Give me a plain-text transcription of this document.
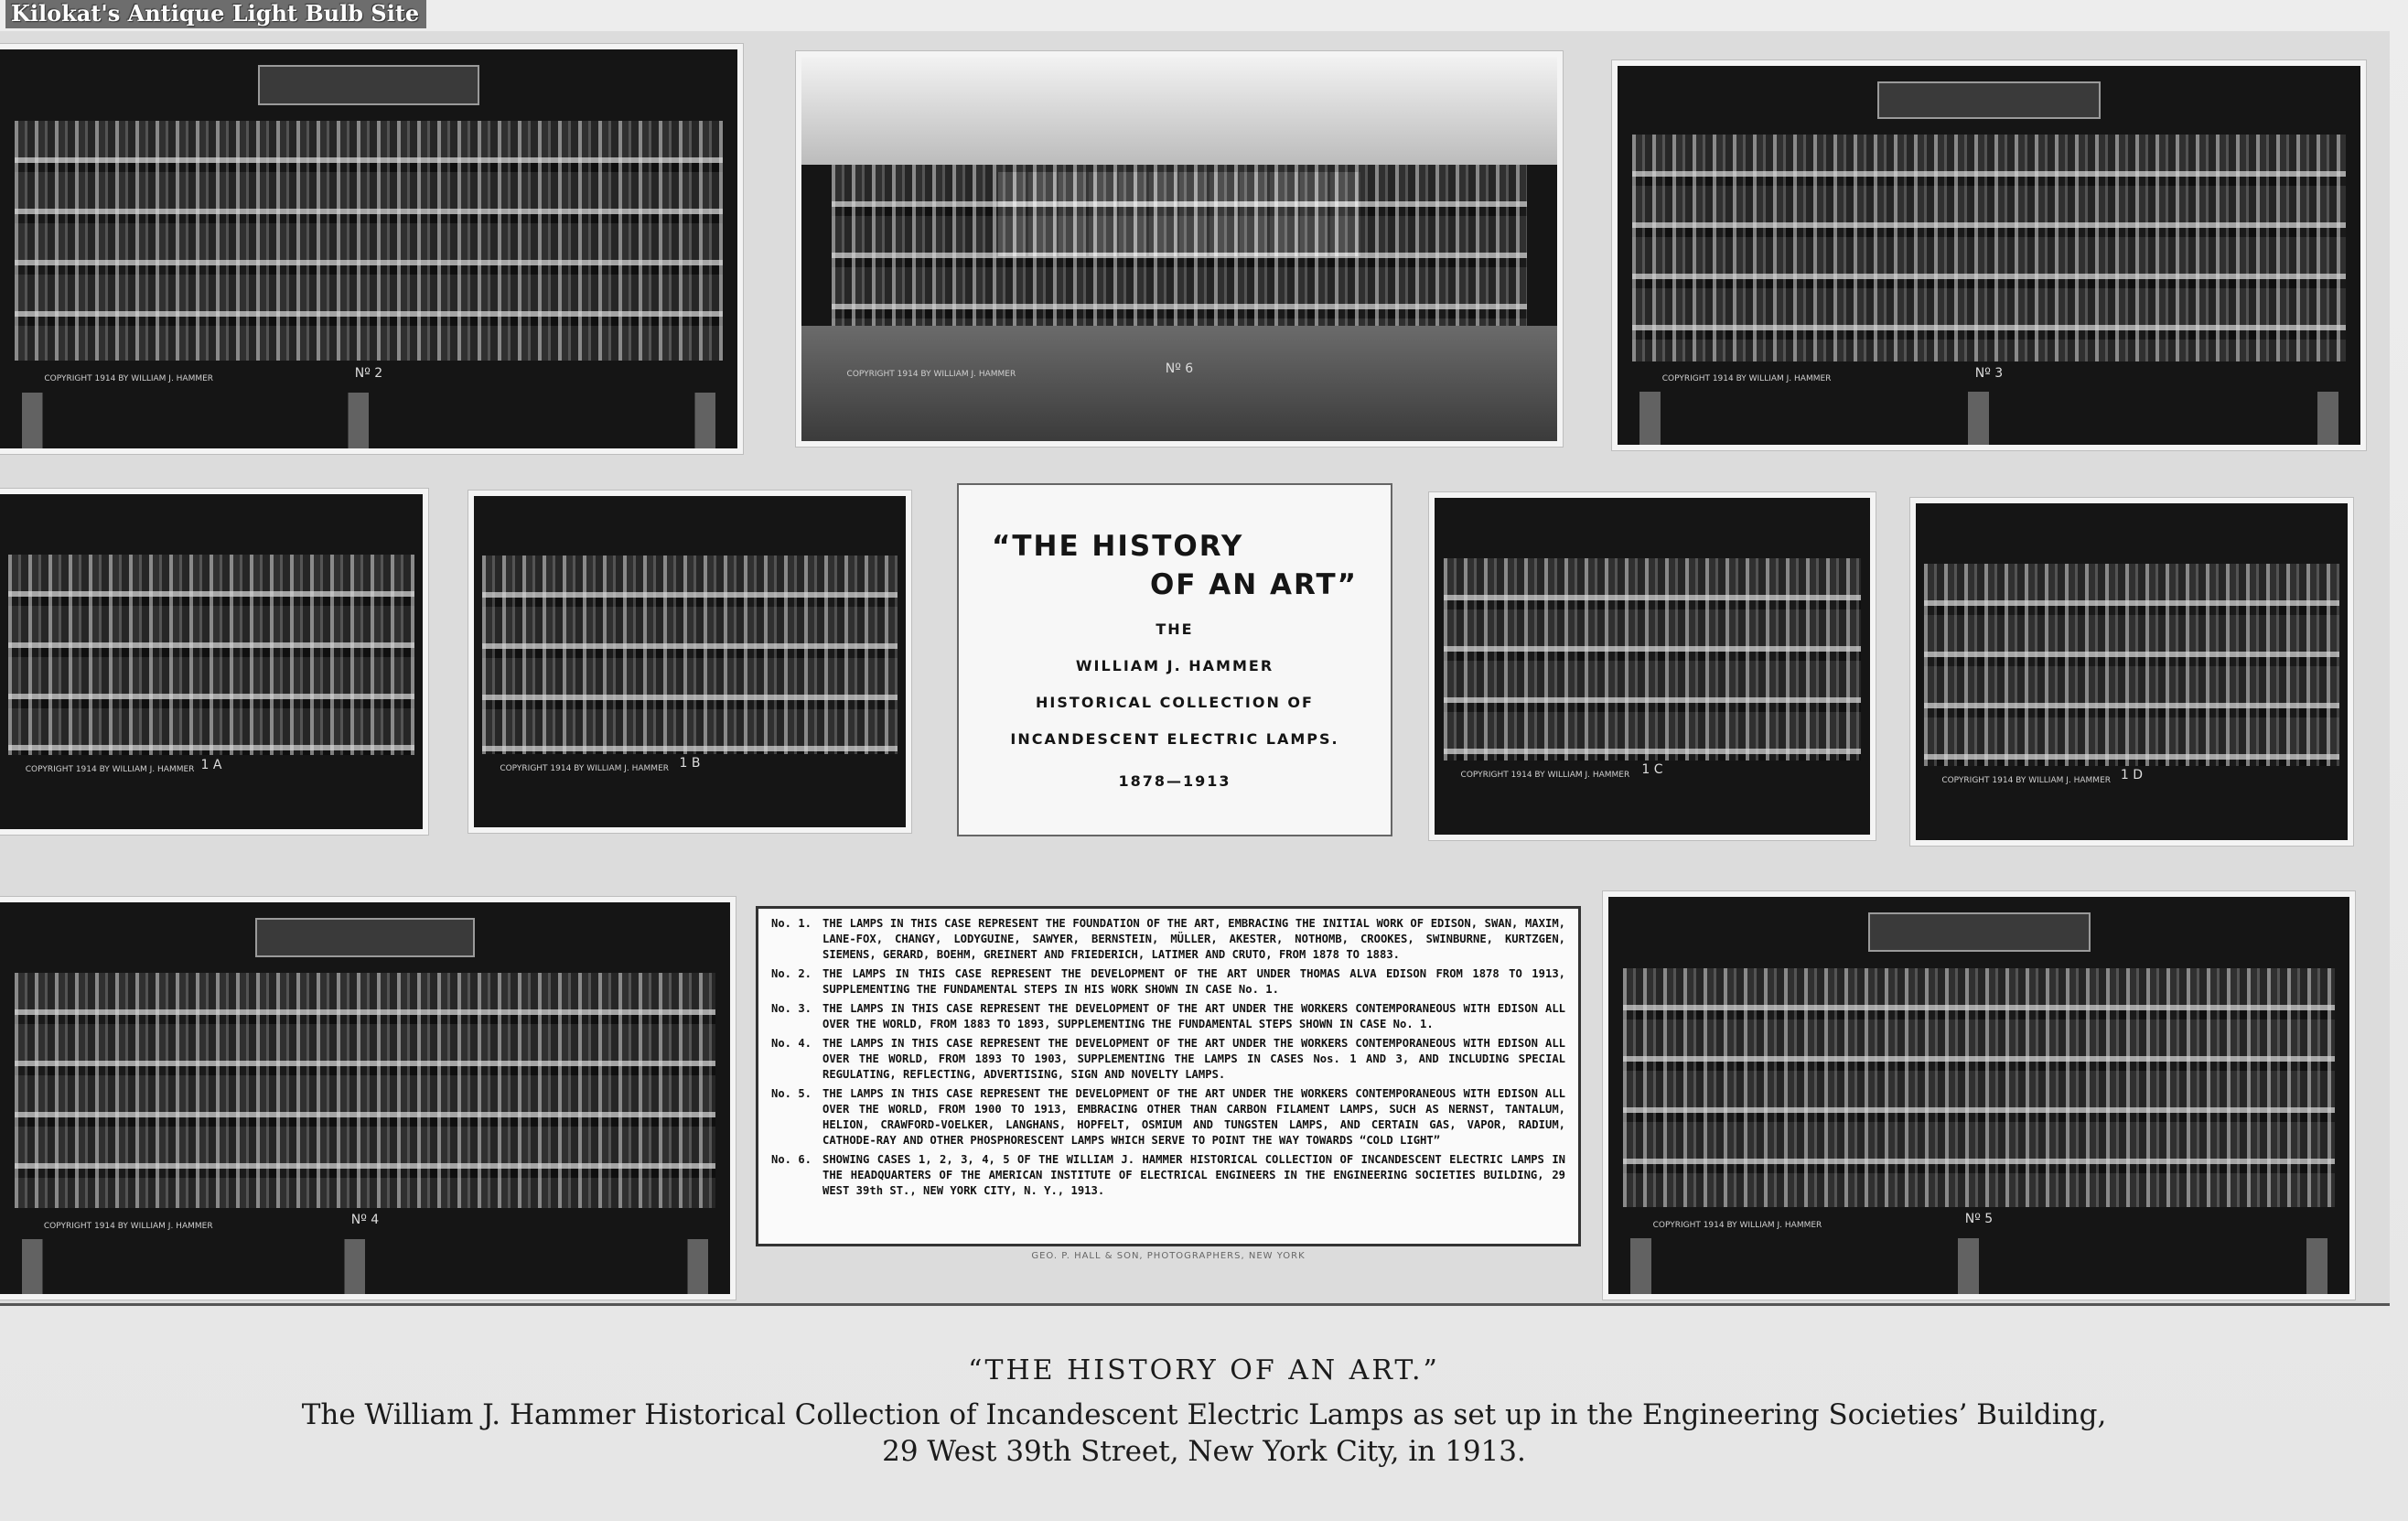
Kilokat's Antique Light Bulb Site
COPYRIGHT 1914 BY WILLIAM J. HAMMER	Nº 2	COPYRIGHT 1914 BY WILLIAM J. HAMMER	Nº 6
COPYRIGHT 1914 BY WILLIAM J. HAMMER	Nº 3
COPYRIGHT 1914 BY WILLIAM J. HAMMER 1 A	COPYRIGHT 1914 BY WILLIAM J. HAMMER 1 B
COPYRIGHT 1914 BY WILLIAM J. HAMMER 1 C
COPYRIGHT 1914 BY WILLIAM J. HAMMER 1 D
COPYRIGHT 1914 BY WILLIAM J. HAMMER	Nº 4	COPYRIGHT 1914 BY WILLIAM J. HAMMER	Nº 5
“THE HISTORY
OF AN ART”
THE
WILLIAM J. HAMMER
HISTORICAL COLLECTION OF
INCANDESCENT ELECTRIC LAMPS.
1878—1913
No. 1. THE LAMPS IN THIS CASE REPRESENT THE FOUNDATION OF THE ART, EMBRACING THE INITIAL WORK OF EDISON, SWAN, MAXIM, LANE-FOX, CHANGY, LODYGUINE, SAWYER, BERNSTEIN, MÜLLER, AKESTER, NOTHOMB, CROOKES, SWINBURNE, KURTZGEN, SIEMENS, GERARD, BOEHM, GREINERT AND FRIEDERICH, LATIMER AND CRUTO, FROM 1878 TO 1883.
No. 2. THE LAMPS IN THIS CASE REPRESENT THE DEVELOPMENT OF THE ART UNDER THOMAS ALVA EDISON FROM 1878 TO 1913, SUPPLEMENTING THE FUNDAMENTAL STEPS IN HIS WORK SHOWN IN CASE No. 1.
No. 3. THE LAMPS IN THIS CASE REPRESENT THE DEVELOPMENT OF THE ART UNDER THE WORKERS CONTEMPORANEOUS WITH EDISON ALL OVER THE WORLD, FROM 1883 TO 1893, SUPPLEMENTING THE FUNDAMENTAL STEPS SHOWN IN CASE No. 1.
No. 4. THE LAMPS IN THIS CASE REPRESENT THE DEVELOPMENT OF THE ART UNDER THE WORKERS CONTEMPORANEOUS WITH EDISON ALL OVER THE WORLD, FROM 1893 TO 1903, SUPPLEMENTING THE LAMPS IN CASES Nos. 1 AND 3, AND INCLUDING SPECIAL REGULATING, REFLECTING, ADVERTISING, SIGN AND NOVELTY LAMPS.
No. 5. THE LAMPS IN THIS CASE REPRESENT THE DEVELOPMENT OF THE ART UNDER THE WORKERS CONTEMPORANEOUS WITH EDISON ALL OVER THE WORLD, FROM 1900 TO 1913, EMBRACING OTHER THAN CARBON FILAMENT LAMPS, SUCH AS NERNST, TANTALUM, HELION, CRAWFORD-VOELKER, LANGHANS, HOPFELT, OSMIUM AND TUNGSTEN LAMPS, AND CERTAIN GAS, VAPOR, RADIUM, CATHODE-RAY AND OTHER PHOSPHORESCENT LAMPS WHICH SERVE TO POINT THE WAY TOWARDS “COLD LIGHT”
No. 6. SHOWING CASES 1, 2, 3, 4, 5 OF THE WILLIAM J. HAMMER HISTORICAL COLLECTION OF INCANDESCENT ELECTRIC LAMPS IN THE HEADQUARTERS OF THE AMERICAN INSTITUTE OF ELECTRICAL ENGINEERS IN THE ENGINEERING SOCIETIES BUILDING, 29 WEST 39th ST., NEW YORK CITY, N. Y., 1913.
GEO. P. HALL & SON, PHOTOGRAPHERS, NEW YORK
“THE HISTORY OF AN ART.”
The William J. Hammer Historical Collection of Incandescent Electric Lamps as set up in the Engineering Societies’ Building,
29 West 39th Street, New York City, in 1913.
